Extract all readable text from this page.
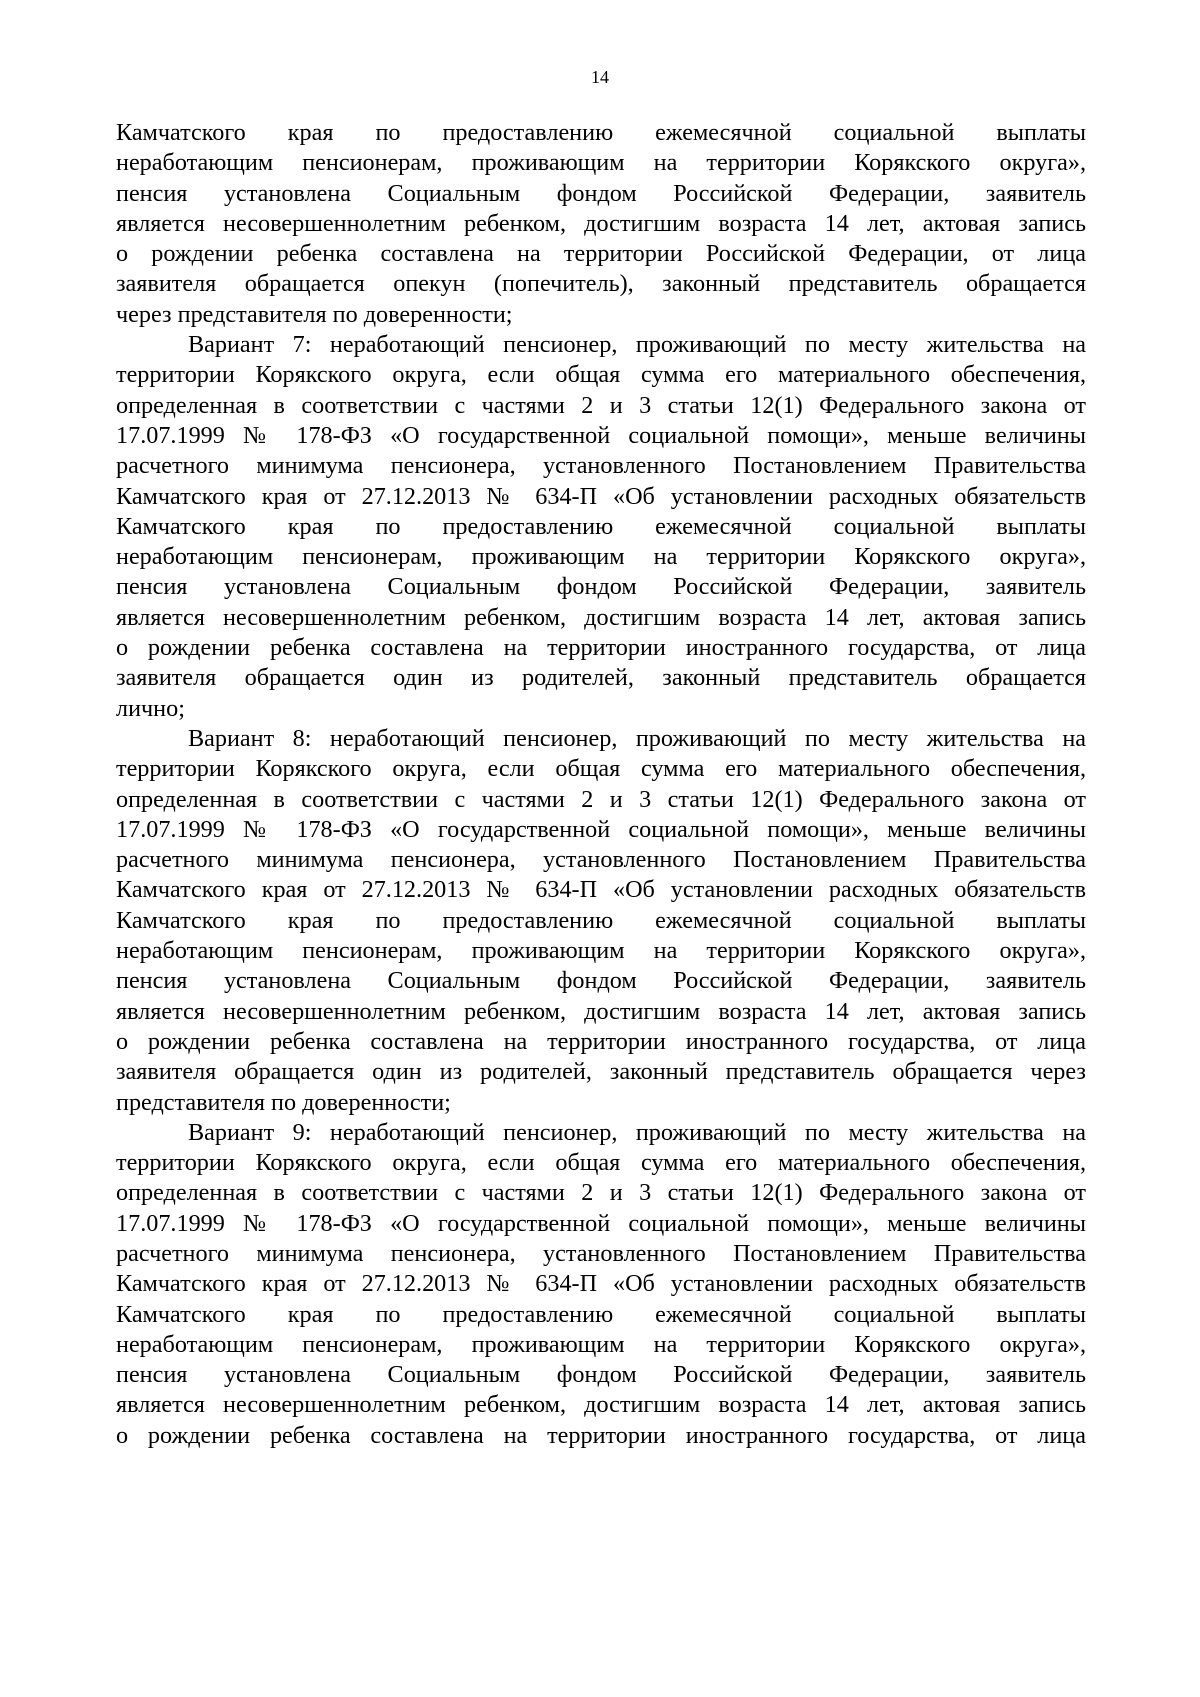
14
Камчатского края по предоставлению ежемесячной социальной выплаты
неработающим пенсионерам, проживающим на территории Корякского округа»,
пенсия установлена Социальным фондом Российской Федерации, заявитель
является несовершеннолетним ребенком, достигшим возраста 14 лет, актовая запись
о рождении ребенка составлена на территории Российской Федерации, от лица
заявителя обращается опекун (попечитель), законный представитель обращается
через представителя по доверенности;
Вариант 7: неработающий пенсионер, проживающий по месту жительства на
территории Корякского округа, если общая сумма его материального обеспечения,
определенная в соответствии с частями 2 и 3 статьи 12(1) Федерального закона от
17.07.1999 № 178-ФЗ «О государственной социальной помощи», меньше величины
расчетного минимума пенсионера, установленного Постановлением Правительства
Камчатского края от 27.12.2013 № 634-П «Об установлении расходных обязательств
Камчатского края по предоставлению ежемесячной социальной выплаты
неработающим пенсионерам, проживающим на территории Корякского округа»,
пенсия установлена Социальным фондом Российской Федерации, заявитель
является несовершеннолетним ребенком, достигшим возраста 14 лет, актовая запись
о рождении ребенка составлена на территории иностранного государства, от лица
заявителя обращается один из родителей, законный представитель обращается
лично;
Вариант 8: неработающий пенсионер, проживающий по месту жительства на
территории Корякского округа, если общая сумма его материального обеспечения,
определенная в соответствии с частями 2 и 3 статьи 12(1) Федерального закона от
17.07.1999 № 178-ФЗ «О государственной социальной помощи», меньше величины
расчетного минимума пенсионера, установленного Постановлением Правительства
Камчатского края от 27.12.2013 № 634-П «Об установлении расходных обязательств
Камчатского края по предоставлению ежемесячной социальной выплаты
неработающим пенсионерам, проживающим на территории Корякского округа»,
пенсия установлена Социальным фондом Российской Федерации, заявитель
является несовершеннолетним ребенком, достигшим возраста 14 лет, актовая запись
о рождении ребенка составлена на территории иностранного государства, от лица
заявителя обращается один из родителей, законный представитель обращается через
представителя по доверенности;
Вариант 9: неработающий пенсионер, проживающий по месту жительства на
территории Корякского округа, если общая сумма его материального обеспечения,
определенная в соответствии с частями 2 и 3 статьи 12(1) Федерального закона от
17.07.1999 № 178-ФЗ «О государственной социальной помощи», меньше величины
расчетного минимума пенсионера, установленного Постановлением Правительства
Камчатского края от 27.12.2013 № 634-П «Об установлении расходных обязательств
Камчатского края по предоставлению ежемесячной социальной выплаты
неработающим пенсионерам, проживающим на территории Корякского округа»,
пенсия установлена Социальным фондом Российской Федерации, заявитель
является несовершеннолетним ребенком, достигшим возраста 14 лет, актовая запись
о рождении ребенка составлена на территории иностранного государства, от лица
